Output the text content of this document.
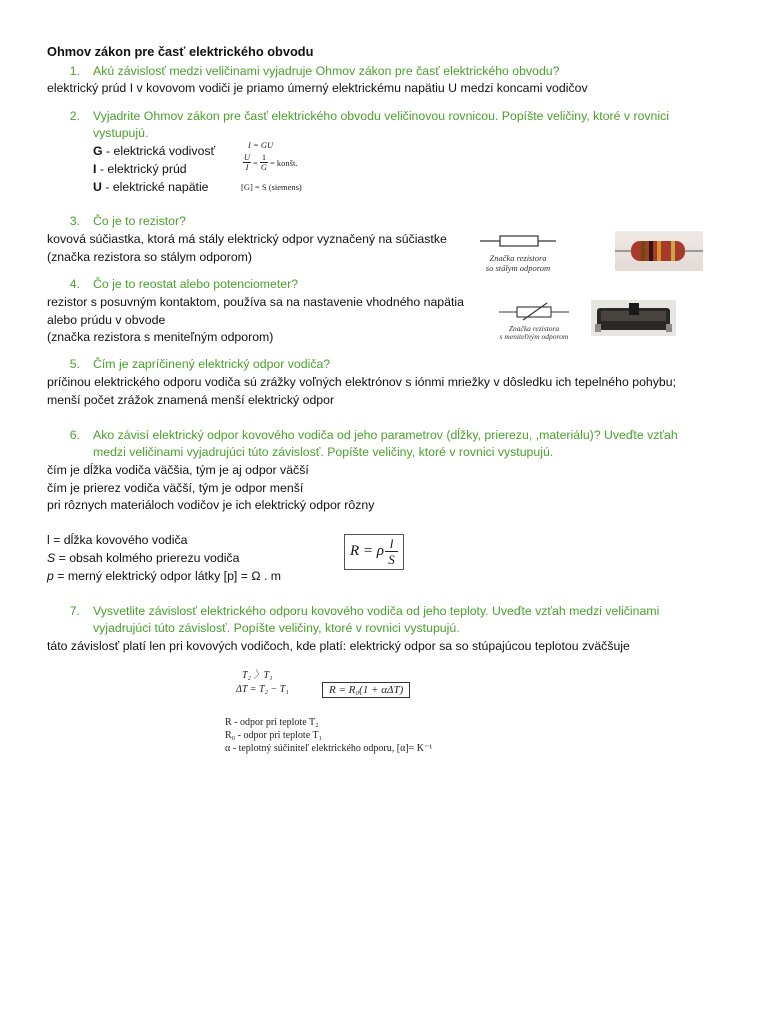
Ohmov zákon pre časť elektrického obvodu
1. Akú závislosť medzi veličinami vyjadruje Ohmov zákon pre časť elektrického obvodu?
elektrický prúd I v kovovom vodiči je priamo úmerný elektrickému napätiu U medzi koncami vodičov
2. Vyjadrite Ohmov zákon pre časť elektrického obvodu veličinovou rovnicou. Popíšte veličiny, ktoré v rovnici
vystupujú.
G - elektrická vodivosť
I - elektrický prúd
U - elektrické napätie
I = GU
$\frac{U}{I} = \frac{1}{G}$ = konšt.
[G] = S (siemens)
3. Čo je to rezistor?
kovová súčiastka, ktorá má stály elektrický odpor vyznačený na súčiastke
(značka rezistora so stálym odporom)	Značka rezistora
so stálym odporom
4. Čo je to reostat alebo potenciometer?
rezistor s posuvným kontaktom, používa sa na nastavenie vhodného napätia
alebo prúdu v obvode
(značka rezistora s meniteľným odporom)
Značka rezistora
s meniteľným odporom
5. Čím je zapríčinený elektrický odpor vodiča?
príčinou elektrického odporu vodiča sú zrážky voľných elektrónov s iónmi mriežky v dôsledku ich tepelného pohybu;
menší počet zrážok znamená menší elektrický odpor
6. Ako závisí elektrický odpor kovového vodiča od jeho parametrov (dĺžky, prierezu, ,materiálu)? Uveďte vzťah
medzi veličinami vyjadrujúci túto závislosť. Popíšte veličiny, ktoré v rovnici vystupujú.
čím je dĺžka vodiča väčšia, tým je aj odpor väčší
čím je prierez vodiča väčší, tým je odpor menší
pri rôznych materiáloch vodičov je ich elektrický odpor rôzny
l = dĺžka kovového vodiča
S = obsah kolmého prierezu vodiča
p = merný elektrický odpor látky [p] = Ω . m
R = ρ $\frac{l}{S}$
7. Vysvetlite závislosť elektrického odporu kovového vodiča od jeho teploty. Uveďte vzťah medzi veličinami
vyjadrujúci túto závislosť. Popíšte veličiny, ktoré v rovnici vystupujú.
táto závislosť platí len pri kovových vodičoch, kde platí: elektrický odpor sa so stúpajúcou teplotou zväčšuje
T₂ 〉T₁
ΔT = T₂ − T₁	R = R₀(1 + αΔT)
R - odpor pri teplote T₂
R₀ - odpor pri teplote T₁
α - teplotný súčiniteľ elektrického odporu, [α]= K⁻¹
